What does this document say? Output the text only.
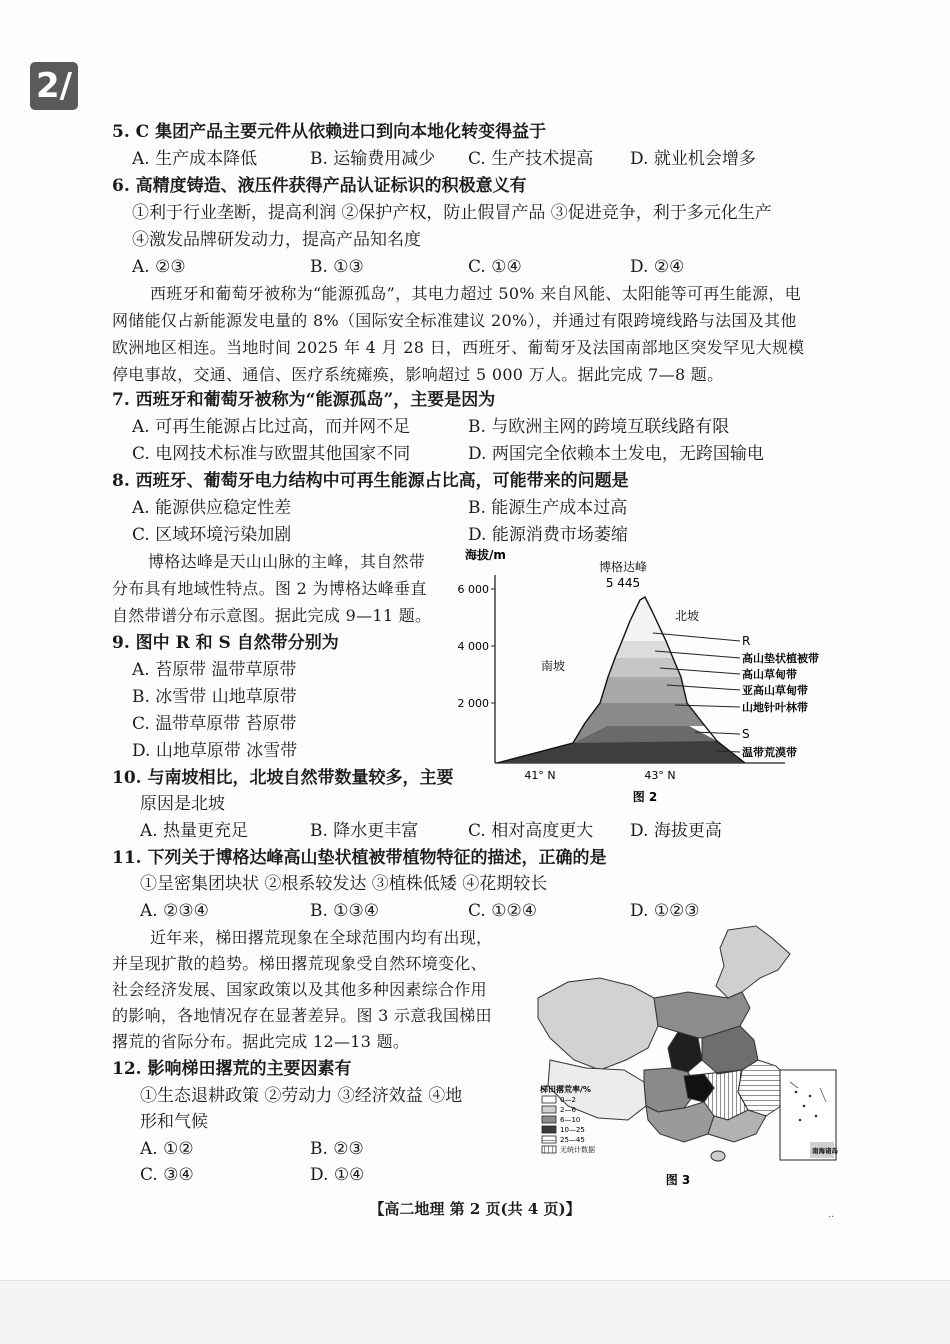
2/
5. C 集团产品主要元件从依赖进口到向本地化转变得益于
A. 生产成本降低	B. 运输费用减少 C. 生产技术提高 D. 就业机会增多
6. 高精度铸造、液压件获得产品认证标识的积极意义有
①利于行业垄断，提高利润 ②保护产权，防止假冒产品 ③促进竞争，利于多元化生产
④激发品牌研发动力，提高产品知名度
A. ②③	B. ①③	C. ①④	D. ②④
西班牙和葡萄牙被称为“能源孤岛”，其电力超过 50% 来自风能、太阳能等可再生能源，电
网储能仅占新能源发电量的 8%（国际安全标准建议 20%），并通过有限跨境线路与法国及其他
欧洲地区相连。当地时间 2025 年 4 月 28 日，西班牙、葡萄牙及法国南部地区突发罕见大规模
停电事故，交通、通信、医疗系统瘫痪，影响超过 5 000 万人。据此完成 7—8 题。
7. 西班牙和葡萄牙被称为“能源孤岛”，主要是因为
A. 可再生能源占比过高，而并网不足	B. 与欧洲主网的跨境互联线路有限
C. 电网技术标准与欧盟其他国家不同	D. 两国完全依赖本土发电，无跨国输电
8. 西班牙、葡萄牙电力结构中可再生能源占比高，可能带来的问题是
A. 能源供应稳定性差	B. 能源生产成本过高
C. 区域环境污染加剧	D. 能源消费市场萎缩
博格达峰是天山山脉的主峰，其自然带
分布具有地域性特点。图 2 为博格达峰垂直
自然带谱分布示意图。据此完成 9—11 题。
9. 图中 R 和 S 自然带分别为
A. 苔原带 温带草原带
B. 冰雪带 山地草原带
C. 温带草原带 苔原带
D. 山地草原带 冰雪带
10. 与南坡相比，北坡自然带数量较多，主要
原因是北坡
A. 热量更充足	B. 降水更丰富	C. 相对高度更大 D. 海拔更高
11. 下列关于博格达峰高山垫状植被带植物特征的描述，正确的是
①呈密集团块状 ②根系较发达 ③植株低矮 ④花期较长
A. ②③④	B. ①③④	C. ①②④	D. ①②③
近年来，梯田撂荒现象在全球范围内均有出现，
并呈现扩散的趋势。梯田撂荒现象受自然环境变化、
社会经济发展、国家政策以及其他多种因素综合作用
的影响，各地情况存在显著差异。图 3 示意我国梯田
撂荒的省际分布。据此完成 12—13 题。
12. 影响梯田撂荒的主要因素有
①生态退耕政策 ②劳动力 ③经济效益 ④地
形和气候
A. ①②	B. ②③
C. ③④	D. ①④
海拔/m
6 000
4 000
2 000
博格达峰
5 445
北坡
南坡
R
高山垫状植被带
高山草甸带
亚高山草甸带
山地针叶林带
S
温带荒漠带
41° N	43° N
图 2
梯田撂荒率/%
0—2
2—6
6—10
10—25
25—45
无统计数据	南海诸岛
图 3
【高二地理 第 2 页(共 4 页)】	··
